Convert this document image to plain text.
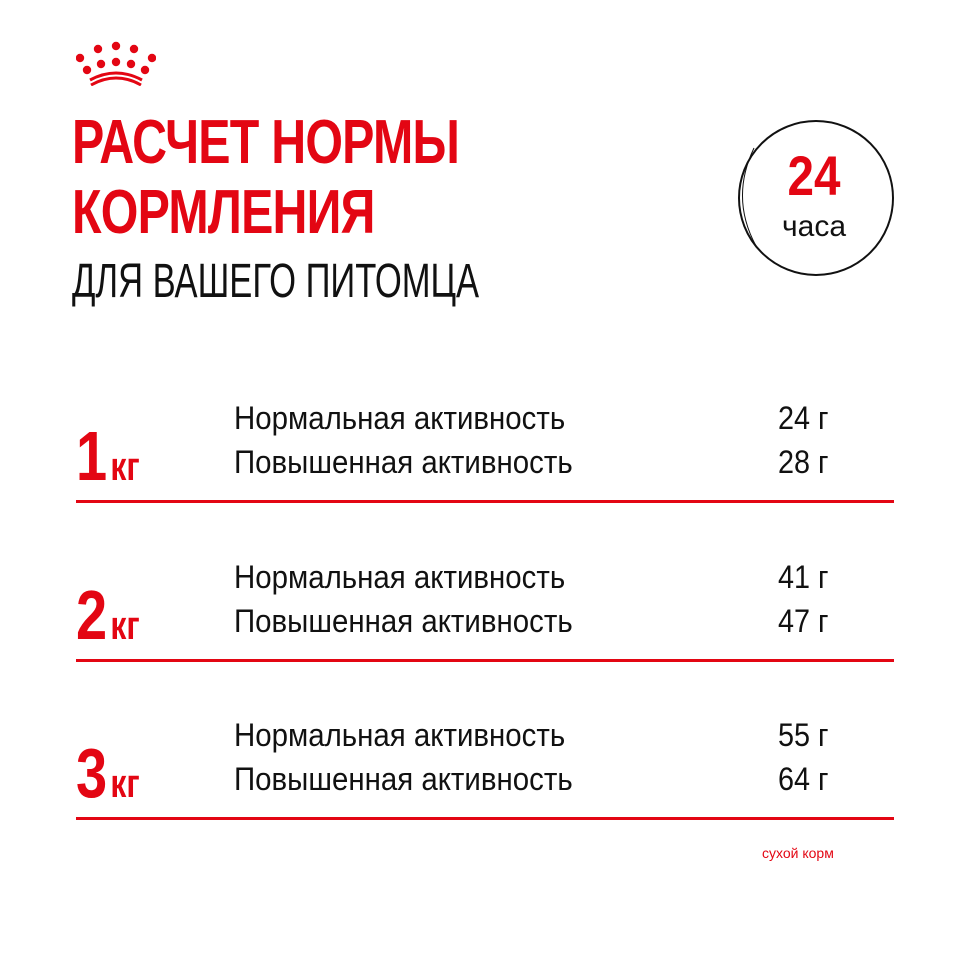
РАСЧЕТ НОРМЫ
КОРМЛЕНИЯ
ДЛЯ ВАШЕГО ПИТОМЦА
24
часа
1кг
Нормальная активность	24 г
Повышенная активность	28 г
2кг
Нормальная активность	41 г
Повышенная активность	47 г
3кг
Нормальная активность	55 г
Повышенная активность	64 г
сухой корм
